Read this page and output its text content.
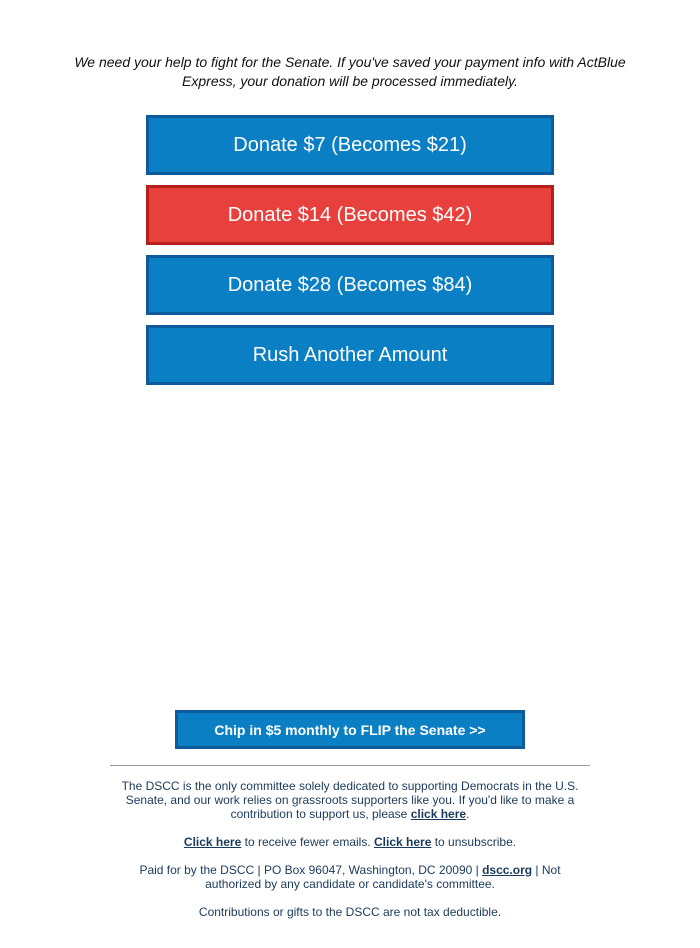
We need your help to fight for the Senate. If you've saved your payment info with ActBlue Express, your donation will be processed immediately.

Donate $7 (Becomes $21)
Donate $14 (Becomes $42)
Donate $28 (Becomes $84)
Rush Another Amount
Chip in $5 monthly to FLIP the Senate >>

The DSCC is the only committee solely dedicated to supporting Democrats in the U.S. Senate, and our work relies on grassroots supporters like you. If you'd like to make a contribution to support us, please click here.

Click here to receive fewer emails. Click here to unsubscribe.

Paid for by the DSCC | PO Box 96047, Washington, DC 20090 | dscc.org | Not authorized by any candidate or candidate's committee.

Contributions or gifts to the DSCC are not tax deductible.
